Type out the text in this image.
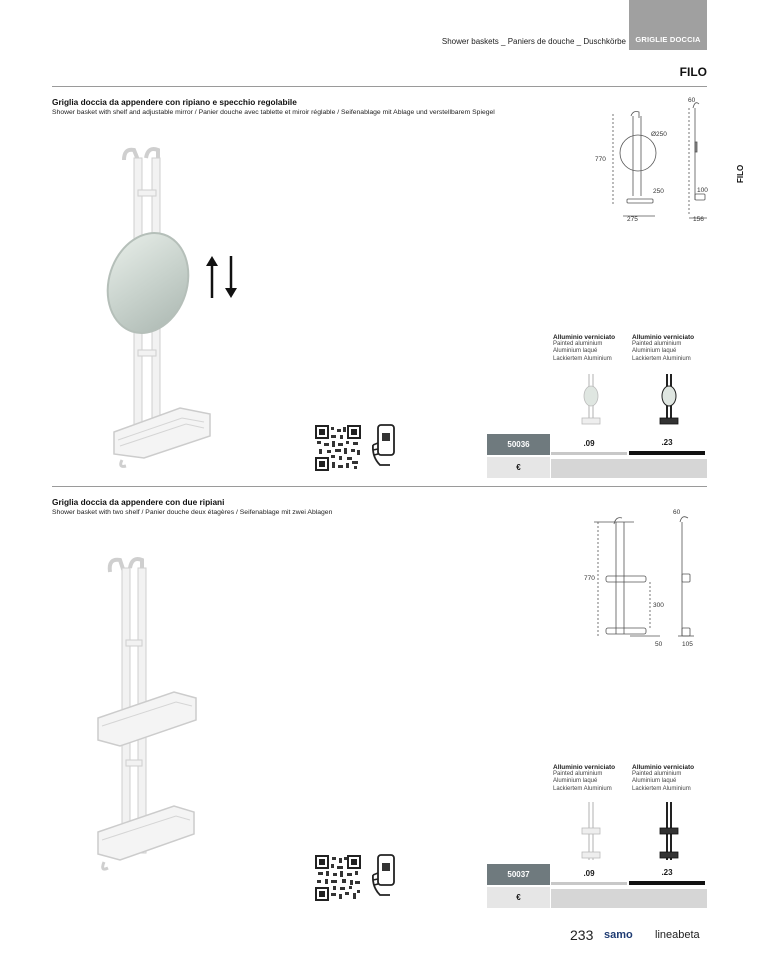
Shower baskets _ Paniers de douche _ Duschkörbe	GRIGLIE DOCCIA
FILO
FILO
Griglia doccia da appendere con ripiano e specchio regolabile
Shower basket with shelf and adjustable mirror / Panier douche avec tablette et miroir réglable / Seifenablage mit Ablage und verstellbarem Spiegel
60
Ø250
770
250	100
275	156
Alluminio verniciato
Painted aluminium
Aluminium laqué
Lackiertem Aluminium
Alluminio verniciato
Painted aluminium
Aluminium laqué
Lackiertem Aluminium
50036	.09	.23
€
Griglia doccia da appendere con due ripiani
Shower basket with two shelf / Panier douche deux étagères / Seifenablage mit zwei Ablagen	60
770
300
50	105
Alluminio verniciato
Painted aluminium
Aluminium laqué
Lackiertem Aluminium
Alluminio verniciato
Painted aluminium
Aluminium laqué
Lackiertem Aluminium
50037	.09	.23
€
233 samo lineabeta
